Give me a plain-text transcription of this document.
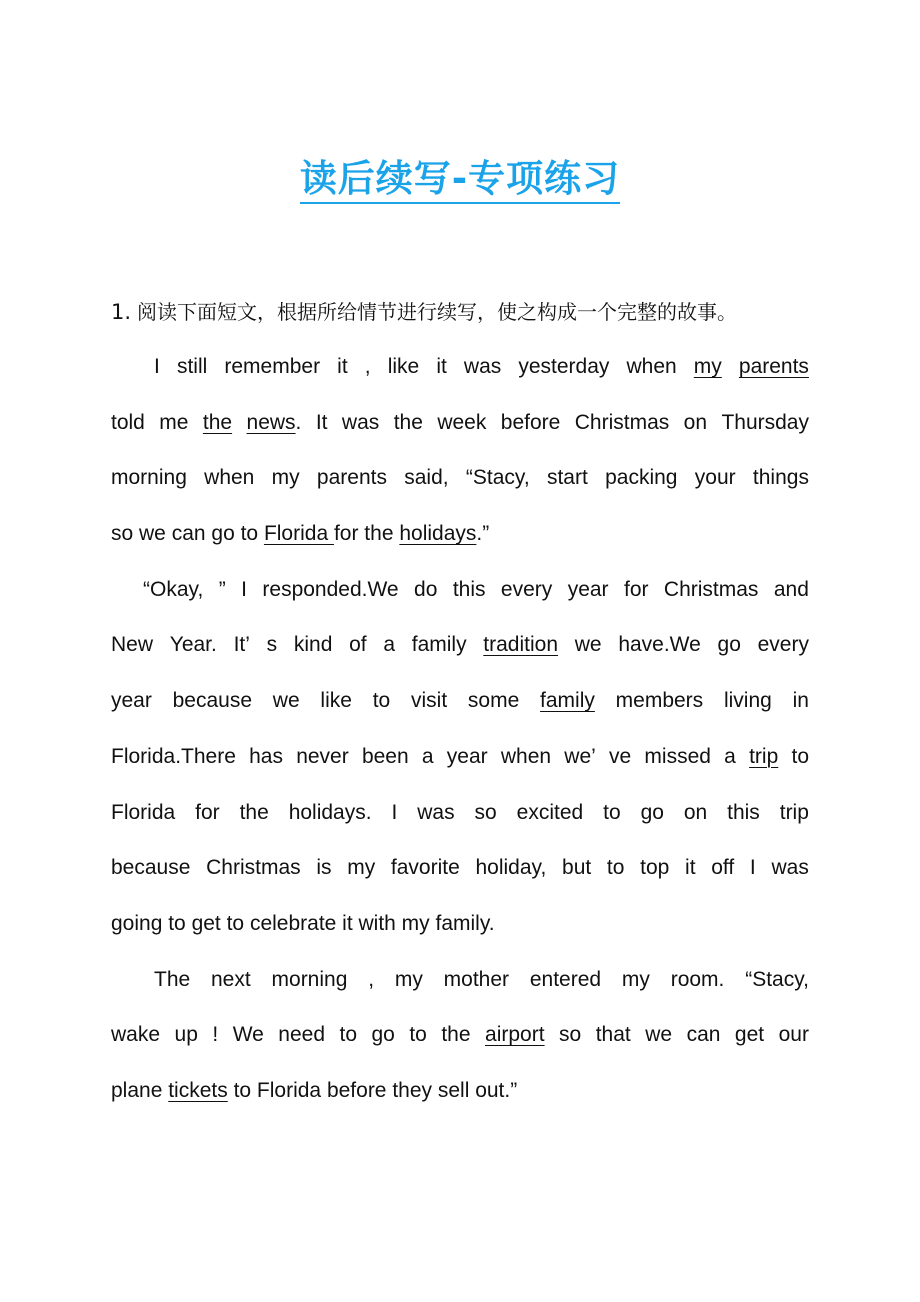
读后续写-专项练习
1. 阅读下面短文，根据所给情节进行续写，使之构成一个完整的故事。
I still remember it , like it was yesterday when my parents
told me the news. It was the week before Christmas on Thursday
morning when my parents said, “Stacy, start packing your things
so we can go to Florida for the holidays .”
“Okay, ” I responded.We do this every year for Christmas and
New Year. It’ s kind of a family tradition we have.We go every
year because we like to visit some family members living in
Florida.There has never been a year when we’ ve missed a trip to
Florida for the holidays. I was so excited to go on this trip
because Christmas is my favorite holiday, but to top it off I was
going to get to celebrate it with my family.
The next morning , my mother entered my room. “Stacy,
wake up ! We need to go to the airport so that we can get our
plane tickets to Florida before they sell out.”
